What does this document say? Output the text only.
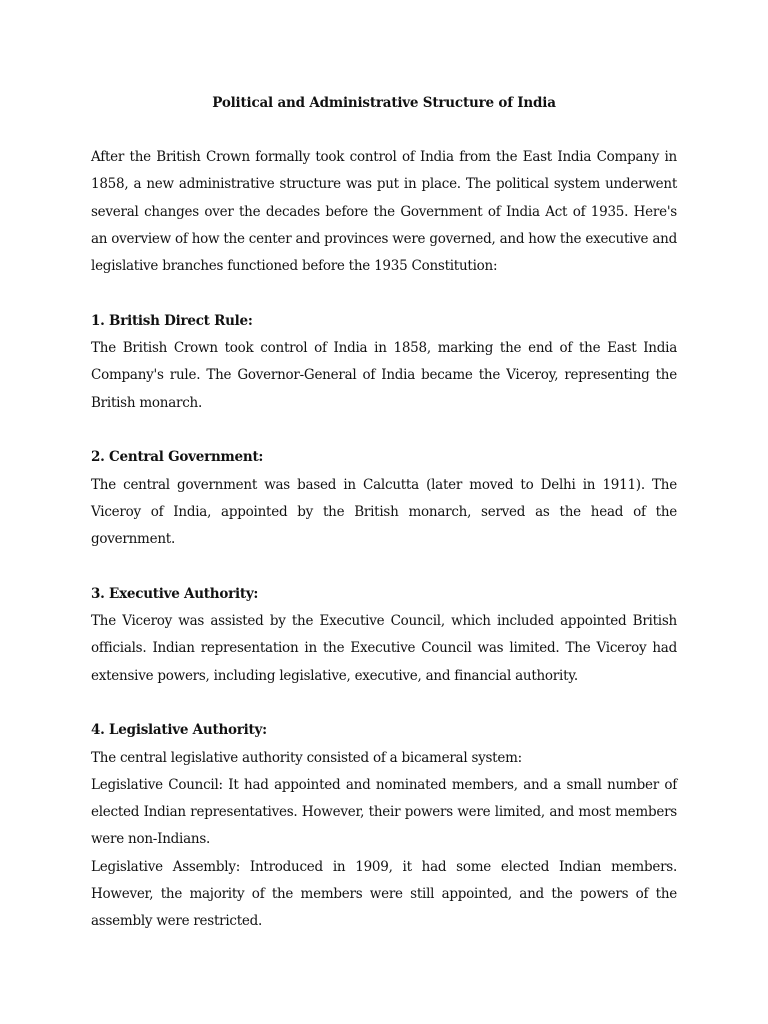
Political and Administrative Structure of India

After the British Crown formally took control of India from the East India Company in 1858, a new administrative structure was put in place. The political system underwent several changes over the decades before the Government of India Act of 1935. Here's an overview of how the center and provinces were governed, and how the executive and legislative branches functioned before the 1935 Constitution:

1. British Direct Rule:

The British Crown took control of India in 1858, marking the end of the East India Company's rule. The Governor-General of India became the Viceroy, representing the British monarch.

2. Central Government:

The central government was based in Calcutta (later moved to Delhi in 1911). The Viceroy of India, appointed by the British monarch, served as the head of the government.

3. Executive Authority:

The Viceroy was assisted by the Executive Council, which included appointed British officials. Indian representation in the Executive Council was limited. The Viceroy had extensive powers, including legislative, executive, and financial authority.

4. Legislative Authority:

The central legislative authority consisted of a bicameral system:

Legislative Council: It had appointed and nominated members, and a small number of elected Indian representatives. However, their powers were limited, and most members were non-Indians.

Legislative Assembly: Introduced in 1909, it had some elected Indian members. However, the majority of the members were still appointed, and the powers of the assembly were restricted.
